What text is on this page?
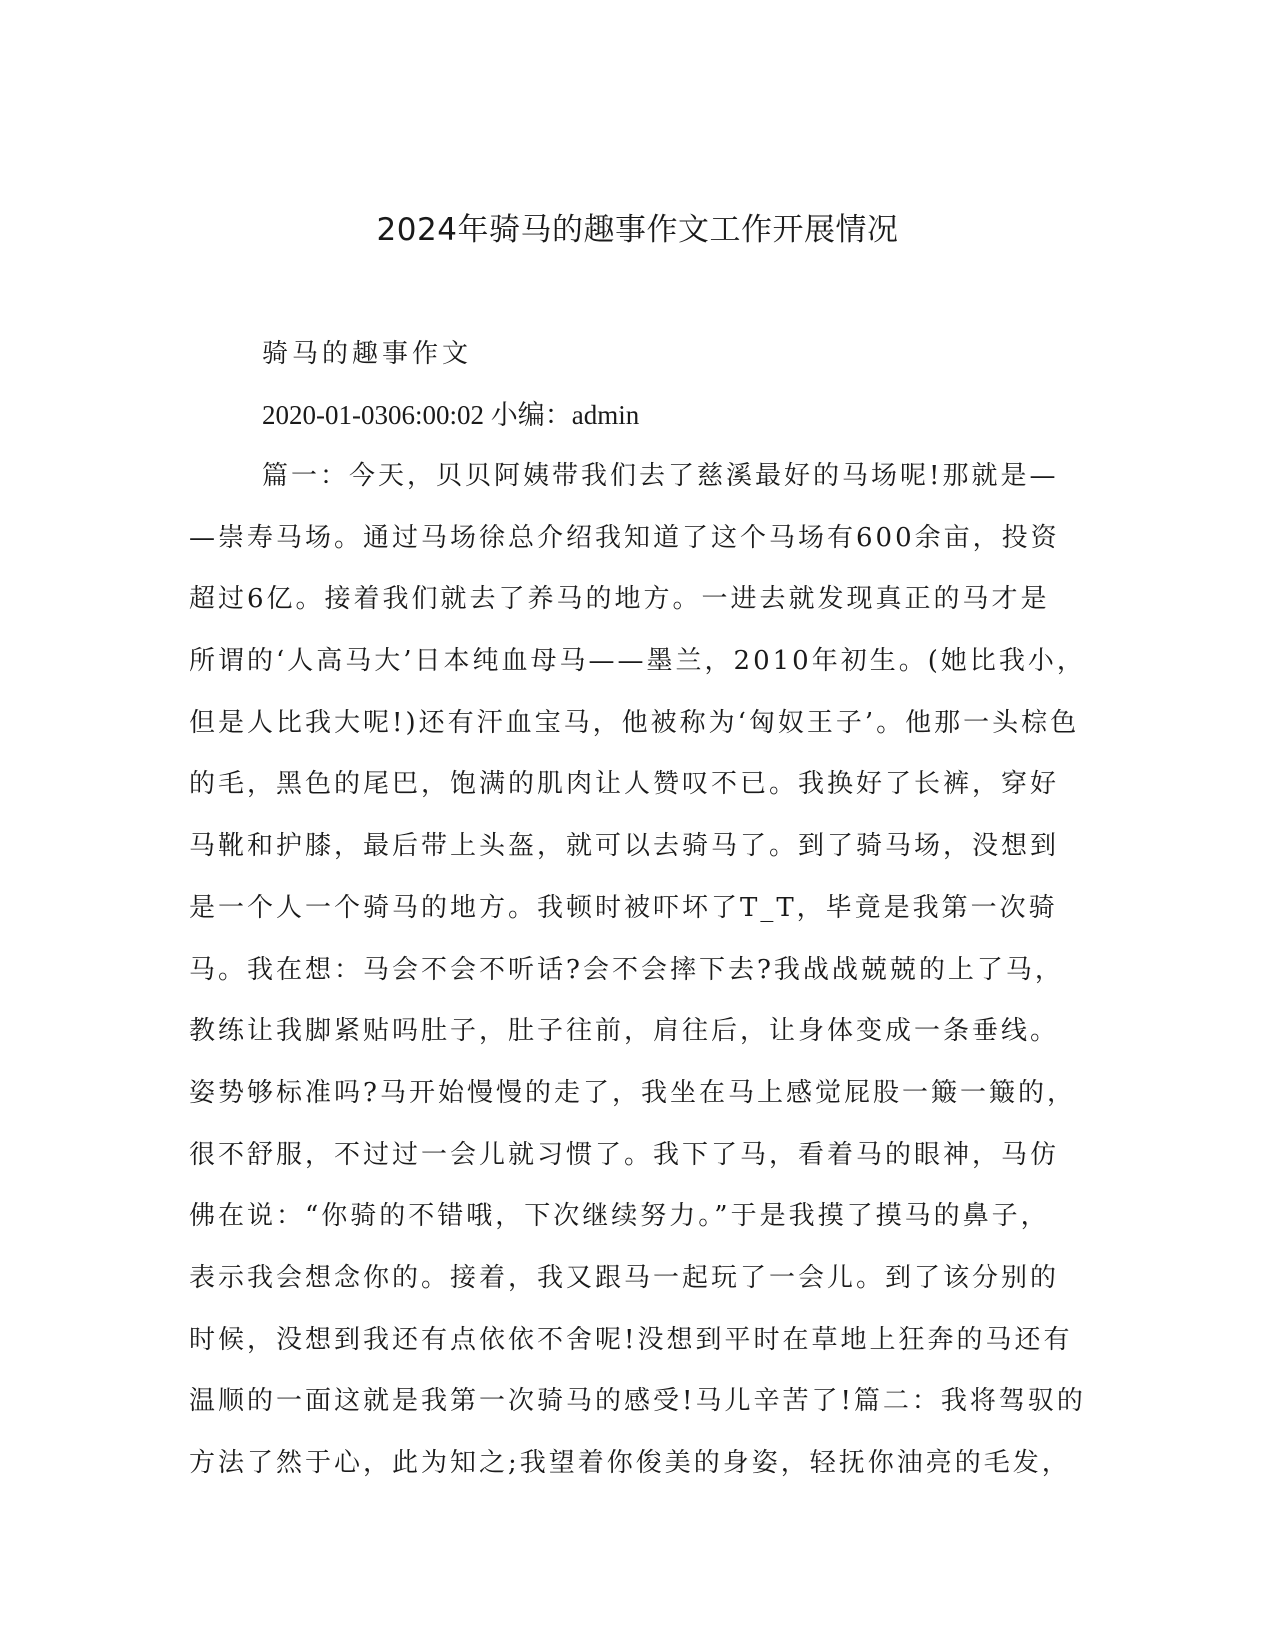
2024年骑马的趣事作文工作开展情况

骑马的趣事作文

2020-01-0306:00:02 小编：admin

篇一：今天，贝贝阿姨带我们去了慈溪最好的马场呢!那就是—
—崇寿马场。通过马场徐总介绍我知道了这个马场有600余亩，投资
超过6亿。接着我们就去了养马的地方。一进去就发现真正的马才是
所谓的‘人高马大’日本纯血母马——墨兰，2010年初生。(她比我小，
但是人比我大呢!)还有汗血宝马，他被称为‘匈奴王子’。他那一头棕色
的毛，黑色的尾巴，饱满的肌肉让人赞叹不已。我换好了长裤，穿好
马靴和护膝，最后带上头盔，就可以去骑马了。到了骑马场，没想到
是一个人一个骑马的地方。我顿时被吓坏了T_T，毕竟是我第一次骑
马。我在想：马会不会不听话?会不会摔下去?我战战兢兢的上了马，
教练让我脚紧贴吗肚子，肚子往前，肩往后，让身体变成一条垂线。
姿势够标准吗?马开始慢慢的走了，我坐在马上感觉屁股一簸一簸的，
很不舒服，不过过一会儿就习惯了。我下了马，看着马的眼神，马仿
佛在说：“你骑的不错哦，下次继续努力。”于是我摸了摸马的鼻子，
表示我会想念你的。接着，我又跟马一起玩了一会儿。到了该分别的
时候，没想到我还有点依依不舍呢!没想到平时在草地上狂奔的马还有
温顺的一面这就是我第一次骑马的感受!马儿辛苦了!篇二：我将驾驭的
方法了然于心，此为知之;我望着你俊美的身姿，轻抚你油亮的毛发，
